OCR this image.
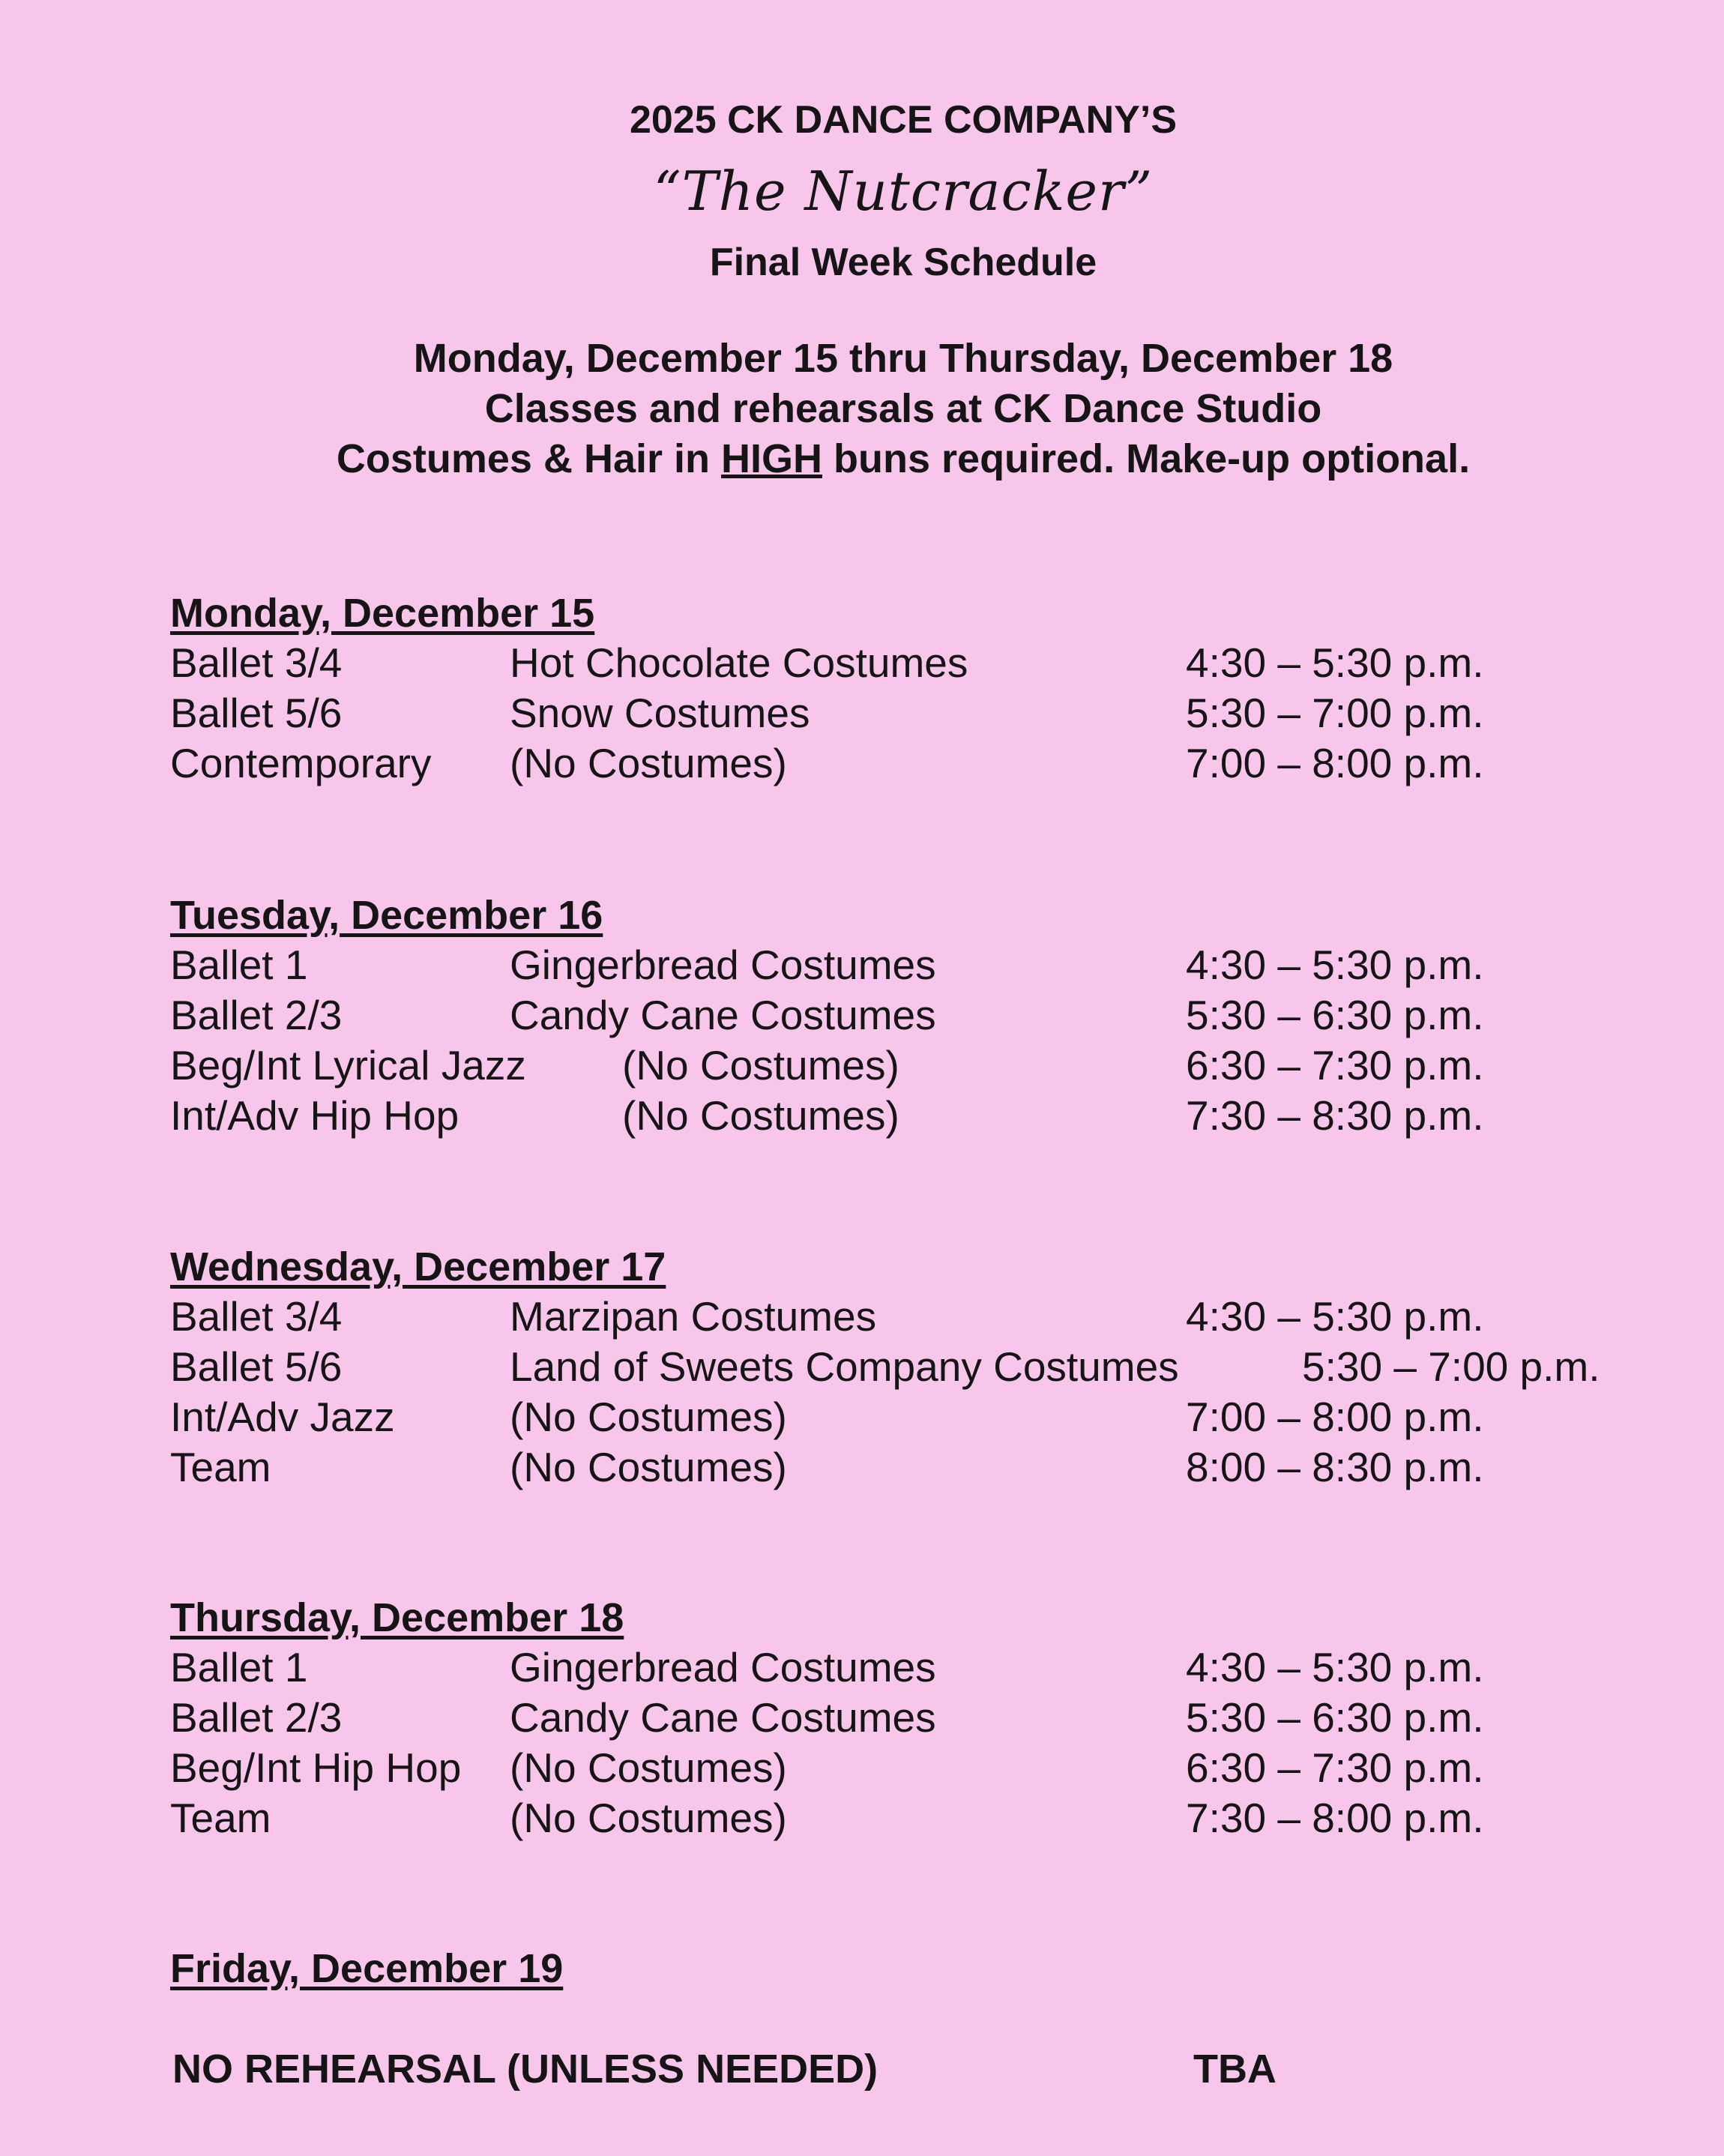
2025 CK DANCE COMPANY’S
“The Nutcracker”
Final Week Schedule
Monday, December 15 thru Thursday, December 18
Classes and rehearsals at CK Dance Studio
Costumes & Hair in HIGH buns required. Make-up optional.
Monday, December 15
Ballet 3/4	Hot Chocolate Costumes	4:30 – 5:30 p.m.
Ballet 5/6	Snow Costumes	5:30 – 7:00 p.m.
Contemporary (No Costumes)	7:00 – 8:00 p.m.
Tuesday, December 16
Ballet 1	Gingerbread Costumes	4:30 – 5:30 p.m.
Ballet 2/3	Candy Cane Costumes	5:30 – 6:30 p.m.
Beg/Int Lyrical Jazz (No Costumes)	6:30 – 7:30 p.m.
Int/Adv Hip Hop	(No Costumes)	7:30 – 8:30 p.m.
Wednesday, December 17
Ballet 3/4	Marzipan Costumes	4:30 – 5:30 p.m.
Ballet 5/6	Land of Sweets Company Costumes	5:30 – 7:00 p.m.
Int/Adv Jazz	(No Costumes)	7:00 – 8:00 p.m.
Team	(No Costumes)	8:00 – 8:30 p.m.
Thursday, December 18
Ballet 1	Gingerbread Costumes	4:30 – 5:30 p.m.
Ballet 2/3	Candy Cane Costumes	5:30 – 6:30 p.m.
Beg/Int Hip Hop (No Costumes)	6:30 – 7:30 p.m.
Team	(No Costumes)	7:30 – 8:00 p.m.
Friday, December 19
NO REHEARSAL (UNLESS NEEDED)	TBA
